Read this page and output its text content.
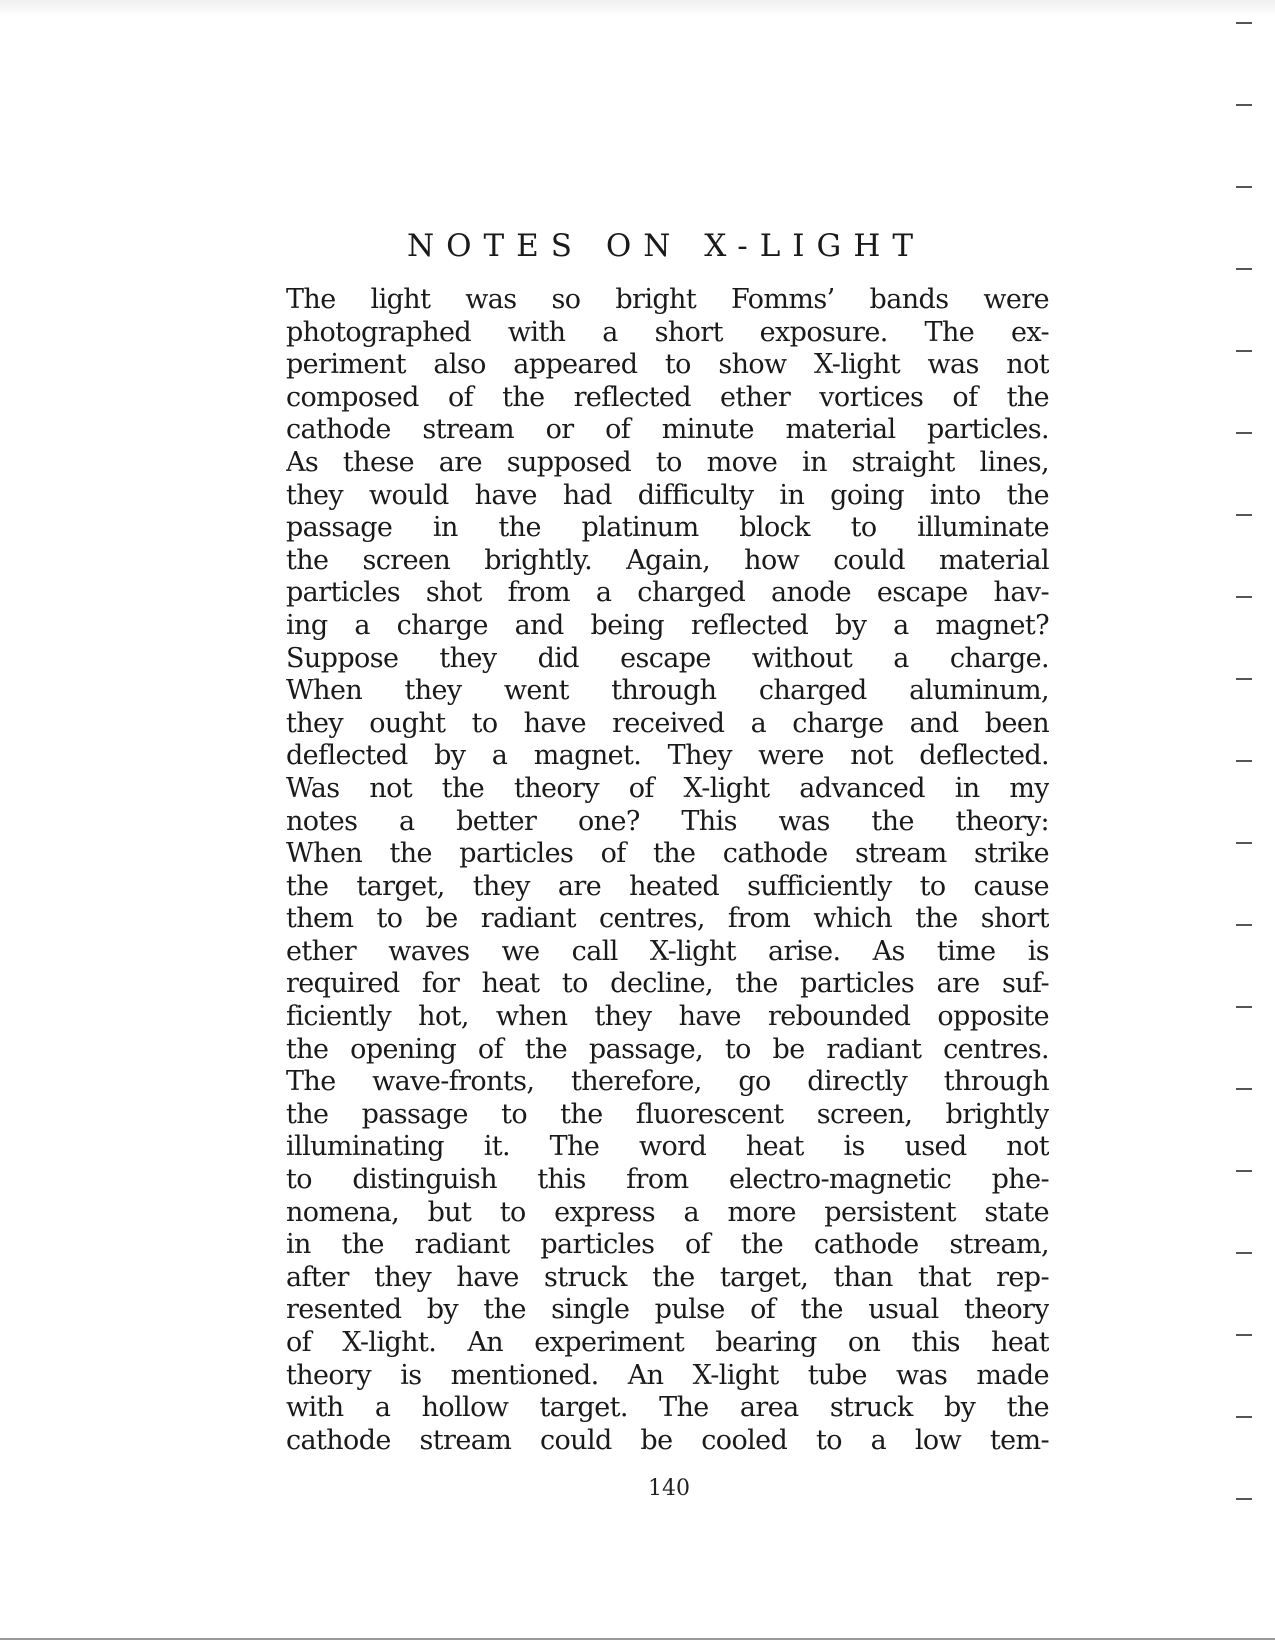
NOTES ON X-LIGHT
The light was so bright Fomms’ bands were
photographed with a short exposure. The ex-
periment also appeared to show X-light was not
composed of the reflected ether vortices of the
cathode stream or of minute material particles.
As these are supposed to move in straight lines,
they would have had difficulty in going into the
passage in the platinum block to illuminate
the screen brightly. Again, how could material
particles shot from a charged anode escape hav-
ing a charge and being reflected by a magnet?
Suppose they did escape without a charge.
When they went through charged aluminum,
they ought to have received a charge and been
deflected by a magnet. They were not deflected.
Was not the theory of X-light advanced in my
notes a better one? This was the theory:
When the particles of the cathode stream strike
the target, they are heated sufficiently to cause
them to be radiant centres, from which the short
ether waves we call X-light arise. As time is
required for heat to decline, the particles are suf-
ficiently hot, when they have rebounded opposite
the opening of the passage, to be radiant centres.
The wave-fronts, therefore, go directly through
the passage to the fluorescent screen, brightly
illuminating it. The word heat is used not
to distinguish this from electro-magnetic phe-
nomena, but to express a more persistent state
in the radiant particles of the cathode stream,
after they have struck the target, than that rep-
resented by the single pulse of the usual theory
of X-light. An experiment bearing on this heat
theory is mentioned. An X-light tube was made
with a hollow target. The area struck by the
cathode stream could be cooled to a low tem-
140
